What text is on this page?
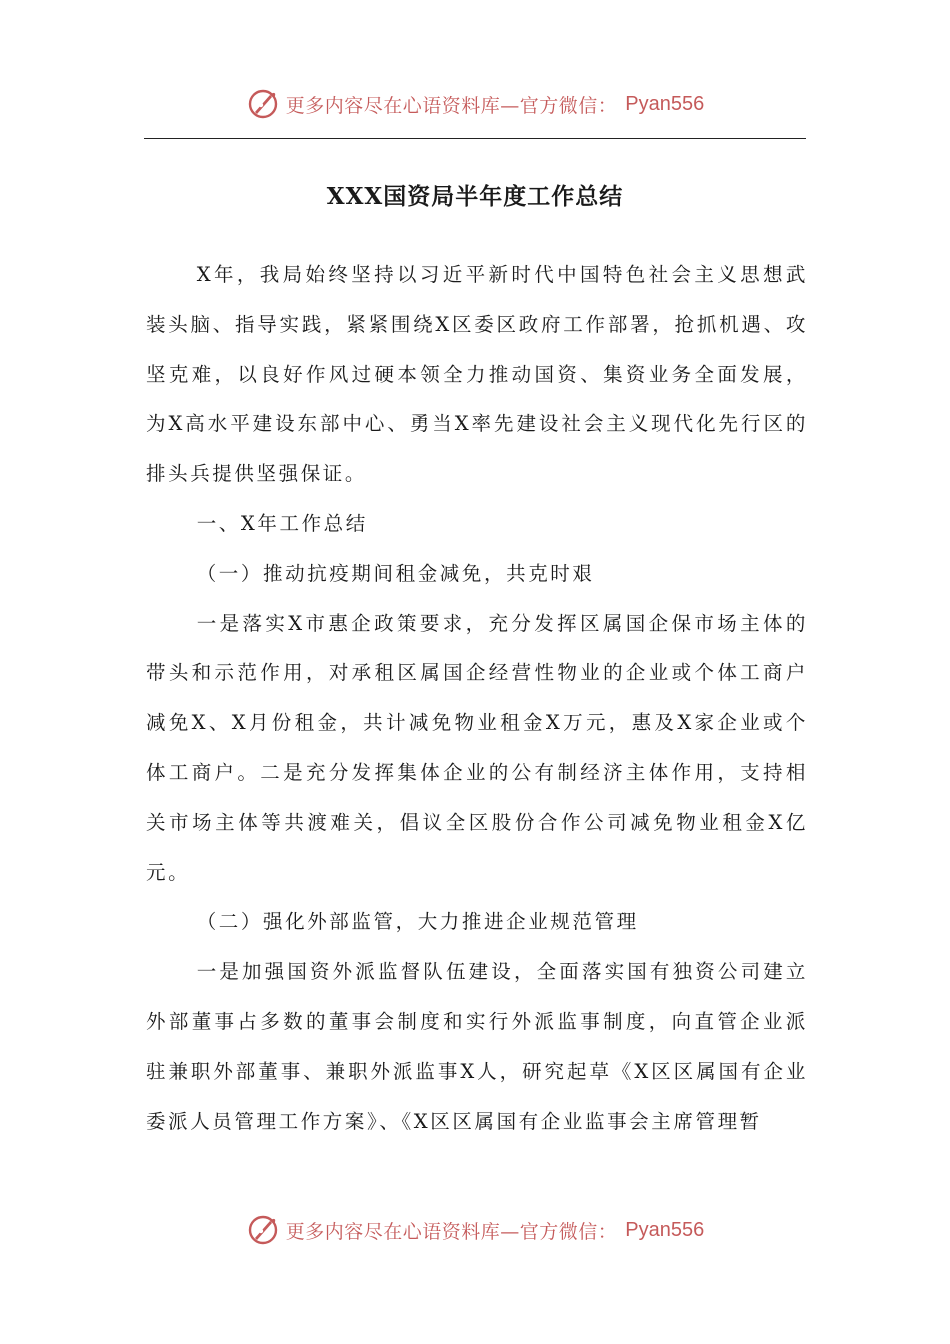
更多内容尽在心语资料库—官方微信： Pyan556
XXX国资局半年度工作总结

X年，我局始终坚持以习近平新时代中国特色社会主义思想武装头脑、指导实践，紧紧围绕X区委区政府工作部署，抢抓机遇、攻坚克难，以良好作风过硬本领全力推动国资、集资业务全面发展，为X高水平建设东部中心、勇当X率先建设社会主义现代化先行区的排头兵提供坚强保证。

一、X年工作总结

（一）推动抗疫期间租金减免，共克时艰

一是落实X市惠企政策要求，充分发挥区属国企保市场主体的带头和示范作用，对承租区属国企经营性物业的企业或个体工商户减免X、X月份租金，共计减免物业租金X万元，惠及X家企业或个体工商户。二是充分发挥集体企业的公有制经济主体作用，支持相关市场主体等共渡难关，倡议全区股份合作公司减免物业租金X亿元。

（二）强化外部监管，大力推进企业规范管理

一是加强国资外派监督队伍建设，全面落实国有独资公司建立外部董事占多数的董事会制度和实行外派监事制度，向直管企业派驻兼职外部董事、兼职外派监事X人，研究起草《X区区属国有企业委派人员管理工作方案》、《X区区属国有企业监事会主席管理暂

更多内容尽在心语资料库—官方微信： Pyan556
